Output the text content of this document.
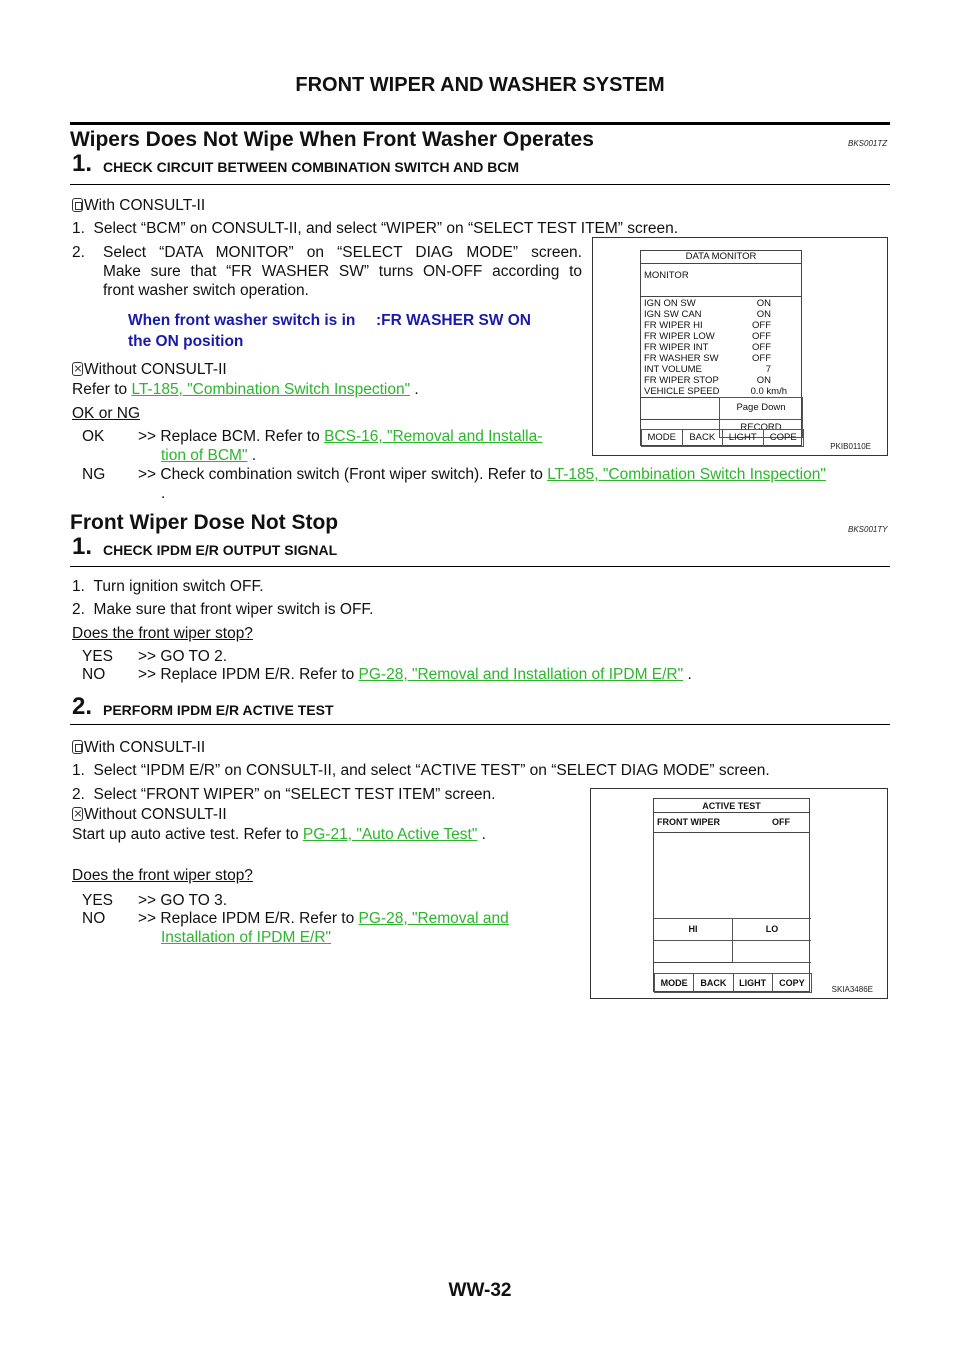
FRONT WIPER AND WASHER SYSTEM
Wipers Does Not Wipe When Front Washer Operates	BKS001TZ
1. CHECK CIRCUIT BETWEEN COMBINATION SWITCH AND BCM
With CONSULT-II
1.  Select “BCM” on CONSULT-II, and select “WIPER” on “SELECT TEST ITEM” screen.
2. Select “DATA MONITOR” on “SELECT DIAG MODE” screen.
Make sure that “FR WASHER SW” turns ON-OFF according to
front washer switch operation.
When front washer switch is in
the ON position
:FR WASHER SW ON
Without CONSULT-II
Refer to LT-185, "Combination Switch Inspection" .
OK or NG
OK >> Replace BCM. Refer to BCS-16, "Removal and Installa-
tion of BCM" .
NG >> Check combination switch (Front wiper switch). Refer to LT-185, "Combination Switch Inspection"
.
DATA MONITOR
MONITOR
IGN ON SW	ON
IGN SW CAN	ON
FR WIPER HI	OFF
FR WIPER LOW	OFF
FR WIPER INT	OFF
FR WASHER SW	OFF
INT VOLUME	7
FR WIPER STOP	ON
VEHICLE SPEED	0.0 km/h
Page Down
RECORD
MODE	BACK	LIGHT	COPE
PKIB0110E
Front Wiper Dose Not Stop	BKS001TY
1. CHECK IPDM E/R OUTPUT SIGNAL
1.  Turn ignition switch OFF.
2.  Make sure that front wiper switch is OFF.
Does the front wiper stop?
YES >> GO TO 2.
NO >> Replace IPDM E/R. Refer to PG-28, "Removal and Installation of IPDM E/R" .
2. PERFORM IPDM E/R ACTIVE TEST
With CONSULT-II
1.  Select “IPDM E/R” on CONSULT-II, and select “ACTIVE TEST” on “SELECT DIAG MODE” screen.
2.  Select “FRONT WIPER” on “SELECT TEST ITEM” screen.
Without CONSULT-II
Start up auto active test. Refer to PG-21, "Auto Active Test" .
Does the front wiper stop?
YES >> GO TO 3.
NO >> Replace IPDM E/R. Refer to PG-28, "Removal and
Installation of IPDM E/R"
ACTIVE TEST
FRONT WIPER	OFF
HI	LO
MODE	BACK	LIGHT	COPY
SKIA3486E
WW-32
